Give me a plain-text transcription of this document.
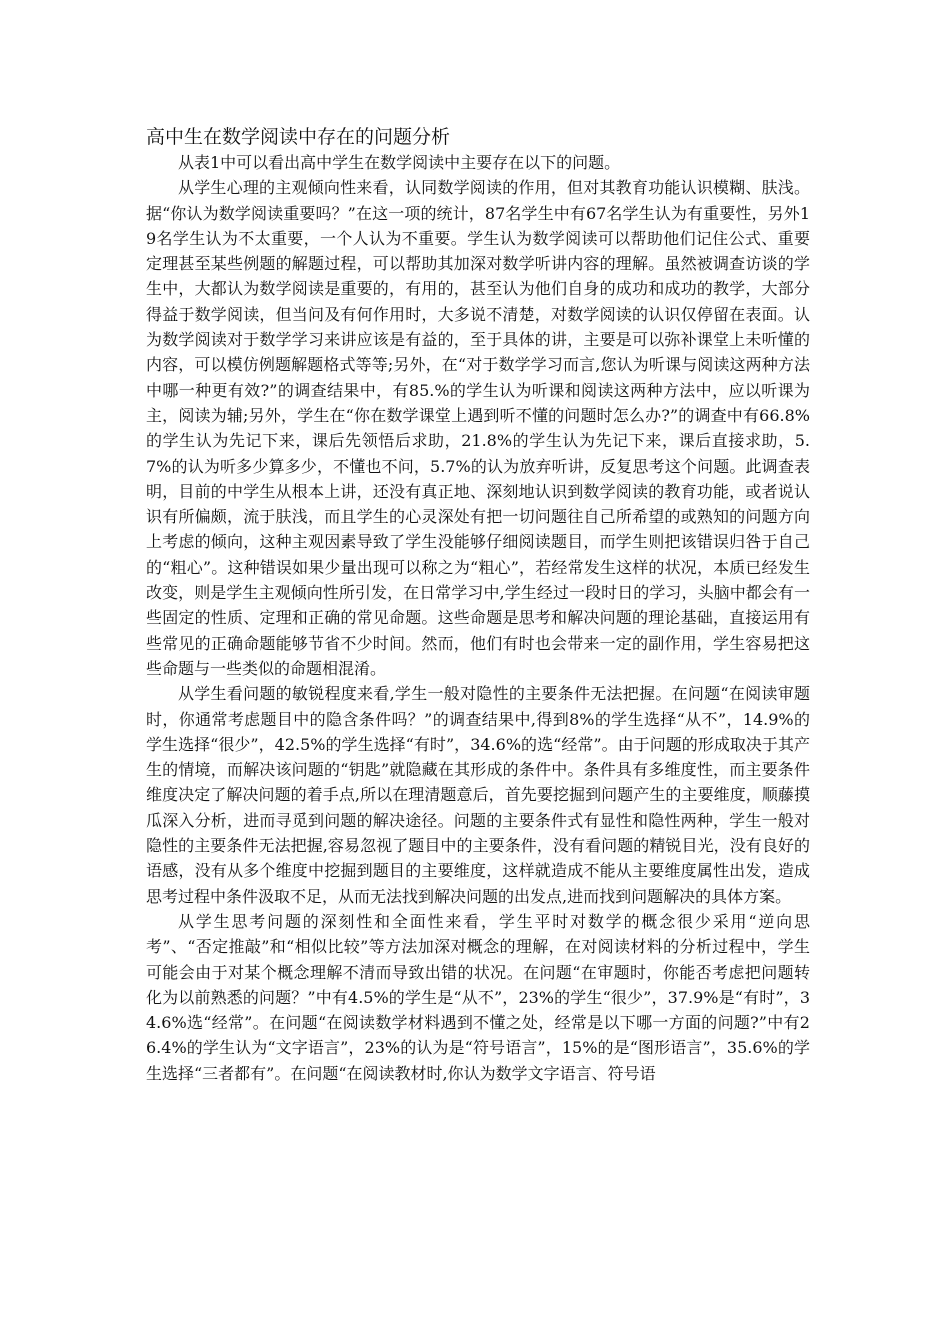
高中生在数学阅读中存在的问题分析

从表1中可以看出高中学生在数学阅读中主要存在以下的问题。

从学生心理的主观倾向性来看，认同数学阅读的作用，但对其教育功能认识模糊、肤浅。据“你认为数学阅读重要吗？”在这一项的统计，87名学生中有67名学生认为有重要性，另外19名学生认为不太重要，一个人认为不重要。学生认为数学阅读可以帮助他们记住公式、重要定理甚至某些例题的解题过程，可以帮助其加深对数学听讲内容的理解。虽然被调查访谈的学生中，大都认为数学阅读是重要的，有用的，甚至认为他们自身的成功和成功的教学，大部分得益于数学阅读，但当问及有何作用时，大多说不清楚，对数学阅读的认识仅停留在表面。认为数学阅读对于数学学习来讲应该是有益的，至于具体的讲，主要是可以弥补课堂上未听懂的内容，可以模仿例题解题格式等等;另外，在“对于数学学习而言,您认为听课与阅读这两种方法中哪一种更有效?”的调查结果中，有85.%的学生认为听课和阅读这两种方法中，应以听课为主，阅读为辅;另外，学生在“你在数学课堂上遇到听不懂的问题时怎么办?”的调查中有66.8%的学生认为先记下来，课后先领悟后求助，21.8%的学生认为先记下来，课后直接求助，5.7%的认为听多少算多少，不懂也不问，5.7%的认为放弃听讲，反复思考这个问题。此调查表明，目前的中学生从根本上讲，还没有真正地、深刻地认识到数学阅读的教育功能，或者说认识有所偏颇，流于肤浅，而且学生的心灵深处有把一切问题往自己所希望的或熟知的问题方向上考虑的倾向，这种主观因素导致了学生没能够仔细阅读题目，而学生则把该错误归咎于自己的“粗心”。这种错误如果少量出现可以称之为“粗心”，若经常发生这样的状况，本质已经发生改变，则是学生主观倾向性所引发，在日常学习中,学生经过一段时日的学习，头脑中都会有一些固定的性质、定理和正确的常见命题。这些命题是思考和解决问题的理论基础，直接运用有些常见的正确命题能够节省不少时间。然而，他们有时也会带来一定的副作用，学生容易把这些命题与一些类似的命题相混淆。

从学生看问题的敏锐程度来看,学生一般对隐性的主要条件无法把握。在问题“在阅读审题时，你通常考虑题目中的隐含条件吗？”的调查结果中,得到8%的学生选择“从不”，14.9%的学生选择“很少”，42.5%的学生选择“有时”，34.6%的选“经常”。由于问题的形成取决于其产生的情境，而解决该问题的“钥匙”就隐藏在其形成的条件中。条件具有多维度性，而主要条件维度决定了解决问题的着手点,所以在理清题意后，首先要挖掘到问题产生的主要维度，顺藤摸瓜深入分析，进而寻觅到问题的解决途径。问题的主要条件式有显性和隐性两种，学生一般对隐性的主要条件无法把握,容易忽视了题目中的主要条件，没有看问题的精锐目光，没有良好的语感，没有从多个维度中挖掘到题目的主要维度，这样就造成不能从主要维度属性出发，造成思考过程中条件汲取不足，从而无法找到解决问题的出发点,进而找到问题解决的具体方案。

从学生思考问题的深刻性和全面性来看，学生平时对数学的概念很少采用“逆向思考”、“否定推敲”和“相似比较”等方法加深对概念的理解，在对阅读材料的分析过程中，学生可能会由于对某个概念理解不清而导致出错的状况。在问题“在审题时，你能否考虑把问题转化为以前熟悉的问题？”中有4.5%的学生是“从不”，23%的学生“很少”，37.9%是“有时”，34.6%选“经常”。在问题“在阅读数学材料遇到不懂之处，经常是以下哪一方面的问题?”中有26.4%的学生认为“文字语言”，23%的认为是“符号语言”，15%的是“图形语言”，35.6%的学生选择“三者都有”。在问题“在阅读教材时,你认为数学文字语言、符号语
